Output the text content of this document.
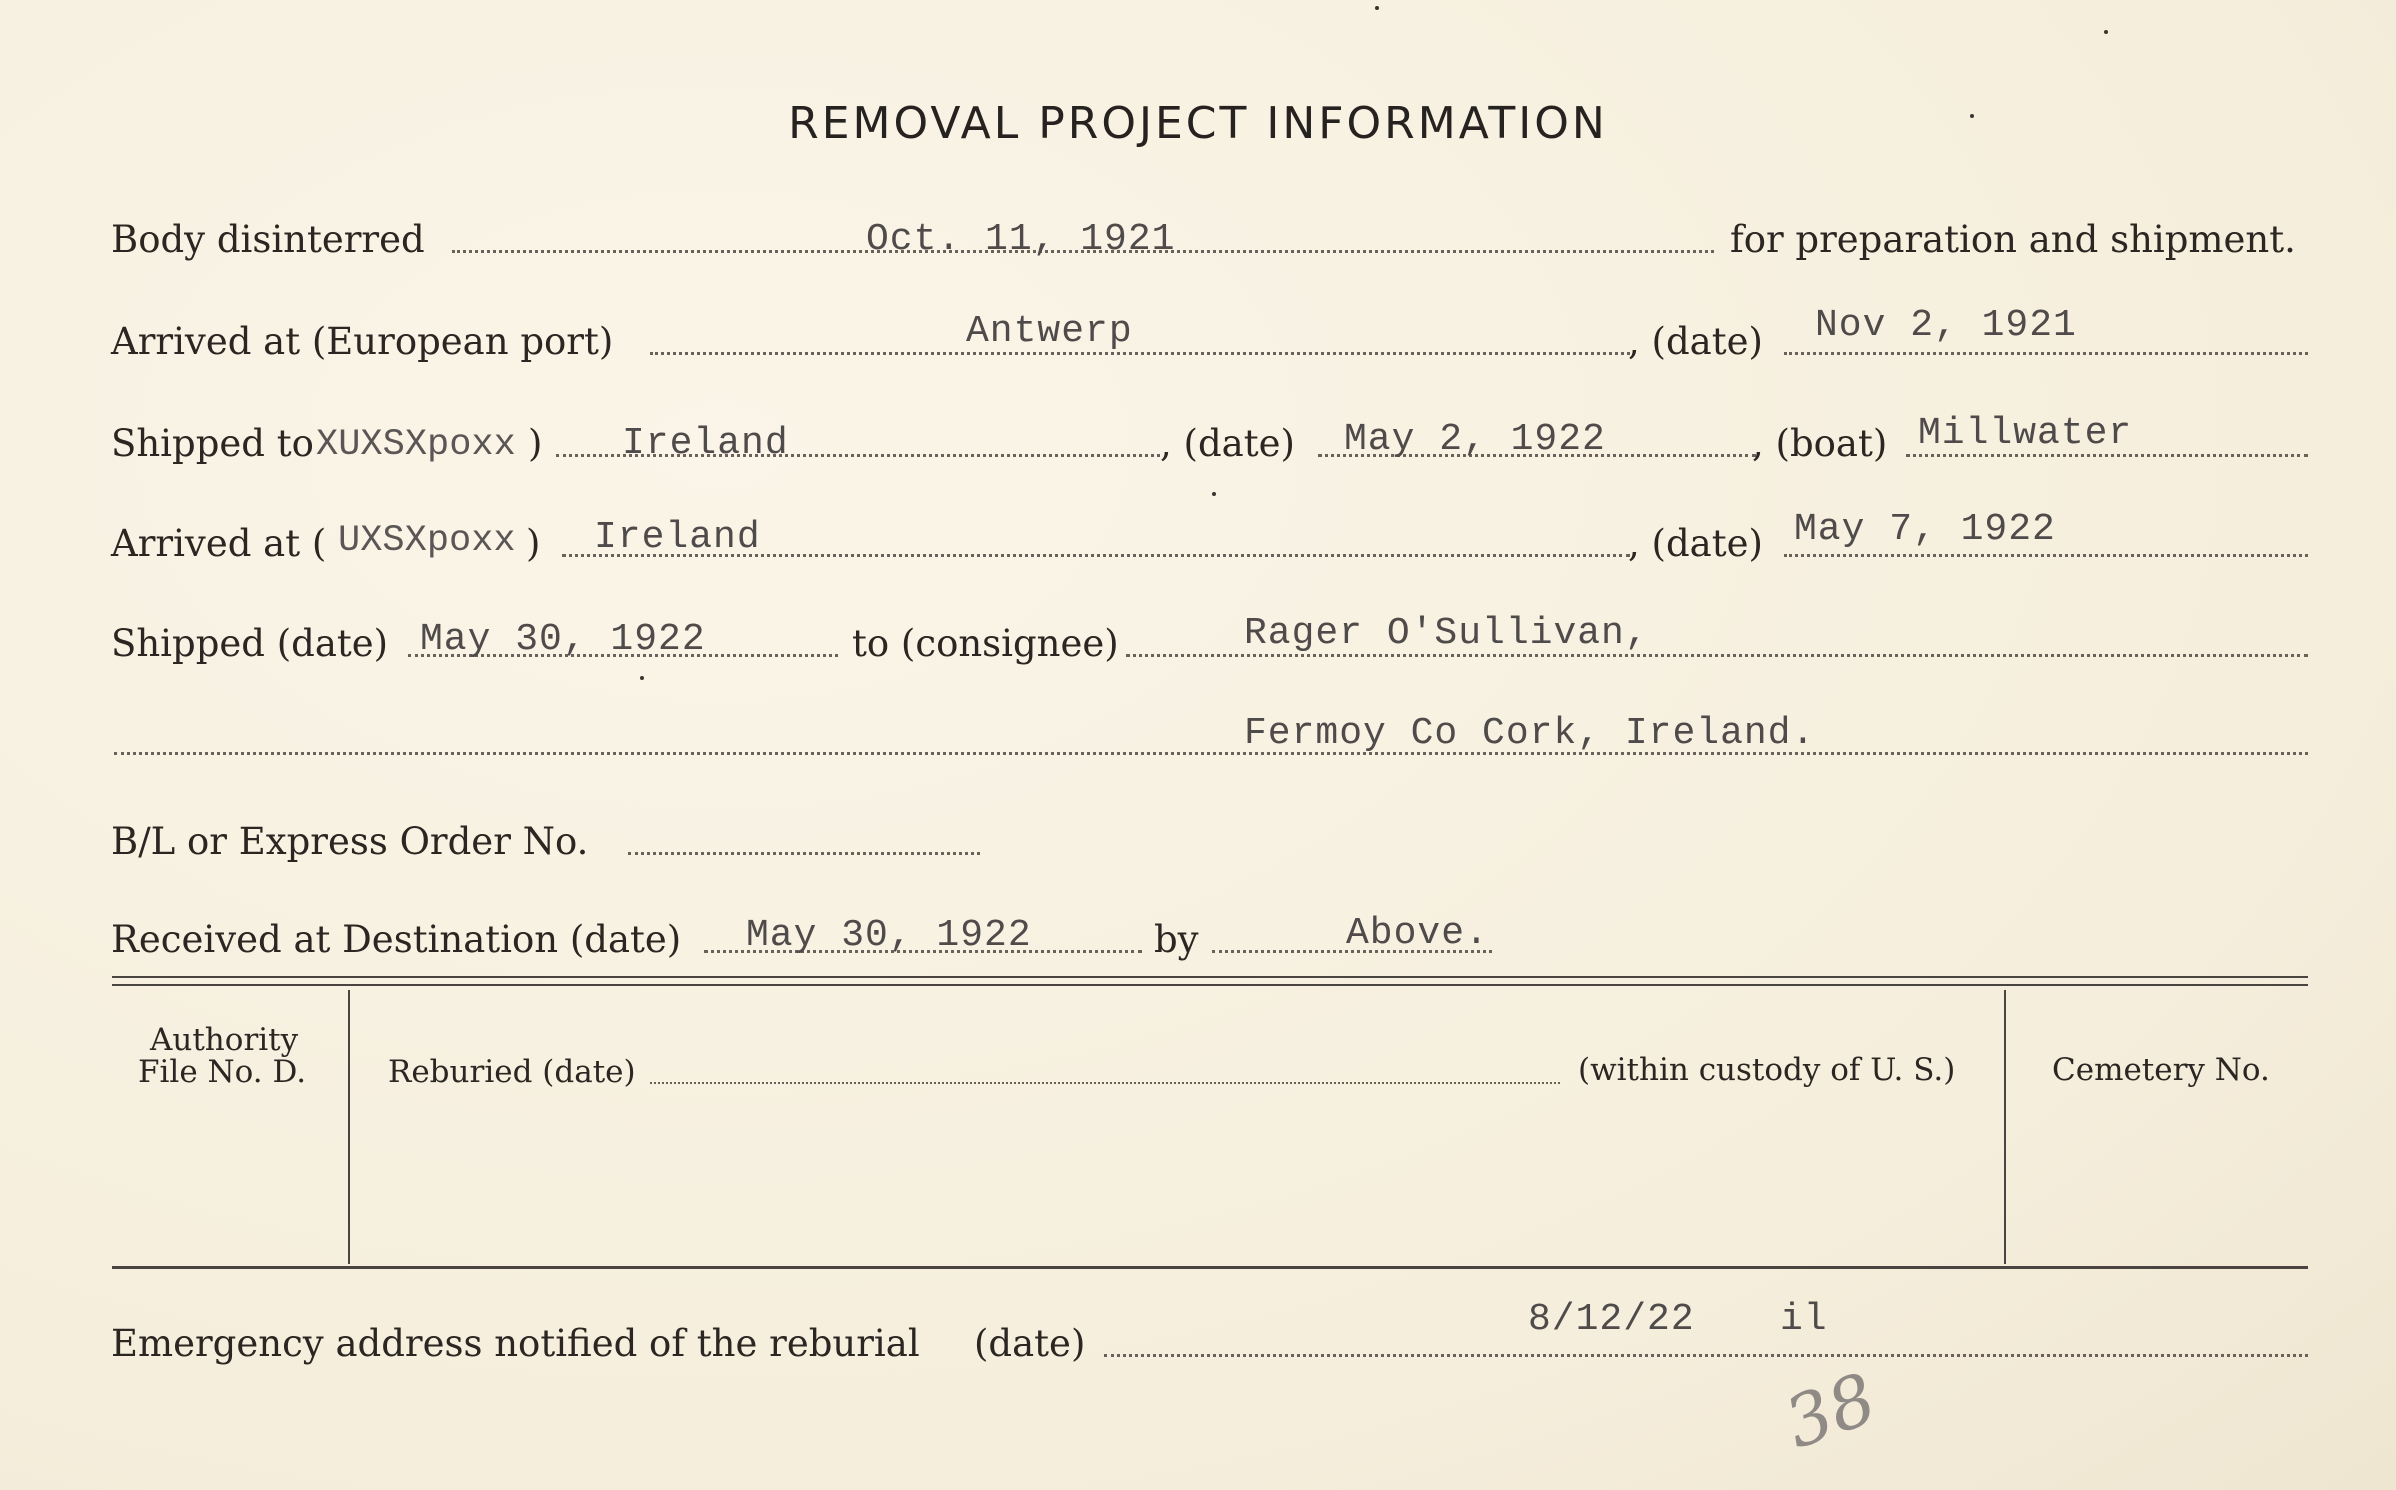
REMOVAL PROJECT INFORMATION
Body disinterred	Oct. 11, 1921	for preparation and shipment.
Arrived at (European port)	Antwerp	, (date) Nov 2, 1921
Shipped to XUXSXpoxx ) Ireland	, (date) May 2, 1922	, (boat) Millwater
Arrived at ( UXSXpoxx ) Ireland	, (date) May 7, 1922
Shipped (date) May 30, 1922	to (consignee)	Rager O'Sullivan,
Fermoy Co Cork, Ireland.
B/L or Express Order No.
Received at Destination (date) May 30, 1922	by	Above.
Authority
File No. D.	Reburied (date)	(within custody of U. S.)	Cemetery No.
Emergency address notified of the reburial (date)
8/12/22 il
38
